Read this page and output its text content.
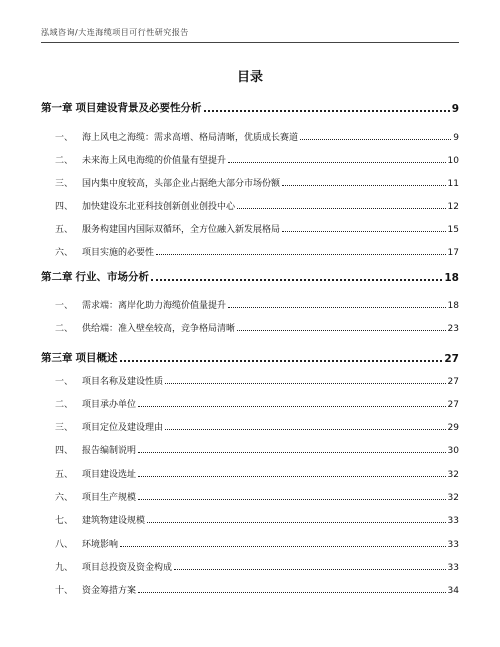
泓域咨询/大连海缆项目可行性研究报告
目录
第一章 项目建设背景及必要性分析	9
一、 海上风电之海缆：需求高增、格局清晰，优质成长赛道	9
二、 未来海上风电海缆的价值量有望提升	10
三、 国内集中度较高，头部企业占据绝大部分市场份额	11
四、 加快建设东北亚科技创新创业创投中心	12
五、 服务构建国内国际双循环，全方位融入新发展格局	15
六、 项目实施的必要性	17
第二章 行业、市场分析	18
一、 需求端：离岸化助力海缆价值量提升	18
二、 供给端：准入壁垒较高，竞争格局清晰	23
第三章 项目概述	27
一、 项目名称及建设性质	27
二、 项目承办单位	27
三、 项目定位及建设理由	29
四、 报告编制说明	30
五、 项目建设选址	32
六、 项目生产规模	32
七、 建筑物建设规模	33
八、 环境影响	33
九、 项目总投资及资金构成	33
十、 资金筹措方案	34
